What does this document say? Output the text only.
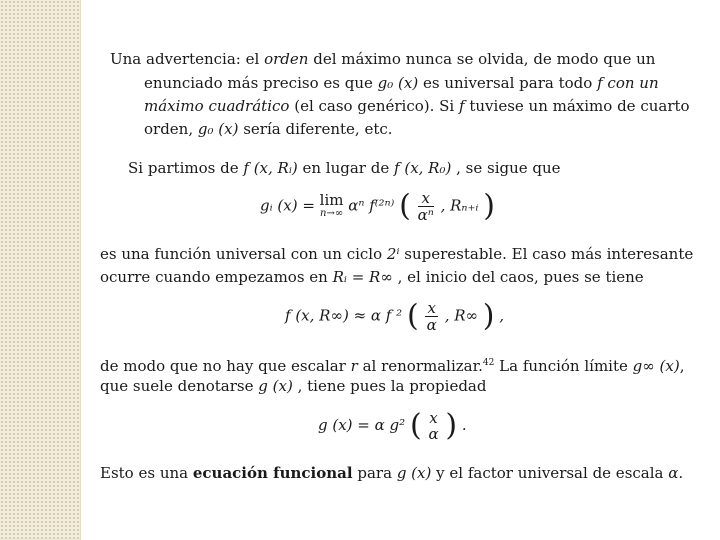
Una advertencia: el orden del máximo nunca se olvida, de modo que un
enunciado más preciso es que g₀ (x) es universal para todo f con un
máximo cuadrático (el caso genérico). Si f tuviese un máximo de cuarto
orden, g₀ (x) sería diferente, etc.
Si partimos de f (x, Rᵢ) en lugar de f (x, R₀) , se sigue que
gᵢ (x) = lim
n→∞ αⁿ f⁽²ⁿ⁾ ( $\frac{x}{\text{αⁿ}}$ , Rₙ₊ᵢ )
es una función universal con un ciclo 2ⁱ superestable. El caso más interesante
ocurre cuando empezamos en Rᵢ = R∞ , el inicio del caos, pues se tiene
f (x, R∞) ≈ α f ² ( $\frac{x}{\alpha}$ , R∞ ) ,
de modo que no hay que escalar r al renormalizar.$^{42}$ La función límite g∞ (x),
que suele denotarse g (x) , tiene pues la propiedad
g (x) = α g² ( x
α ) .
Esto es una ecuación funcional para g (x) y el factor universal de escala α.
